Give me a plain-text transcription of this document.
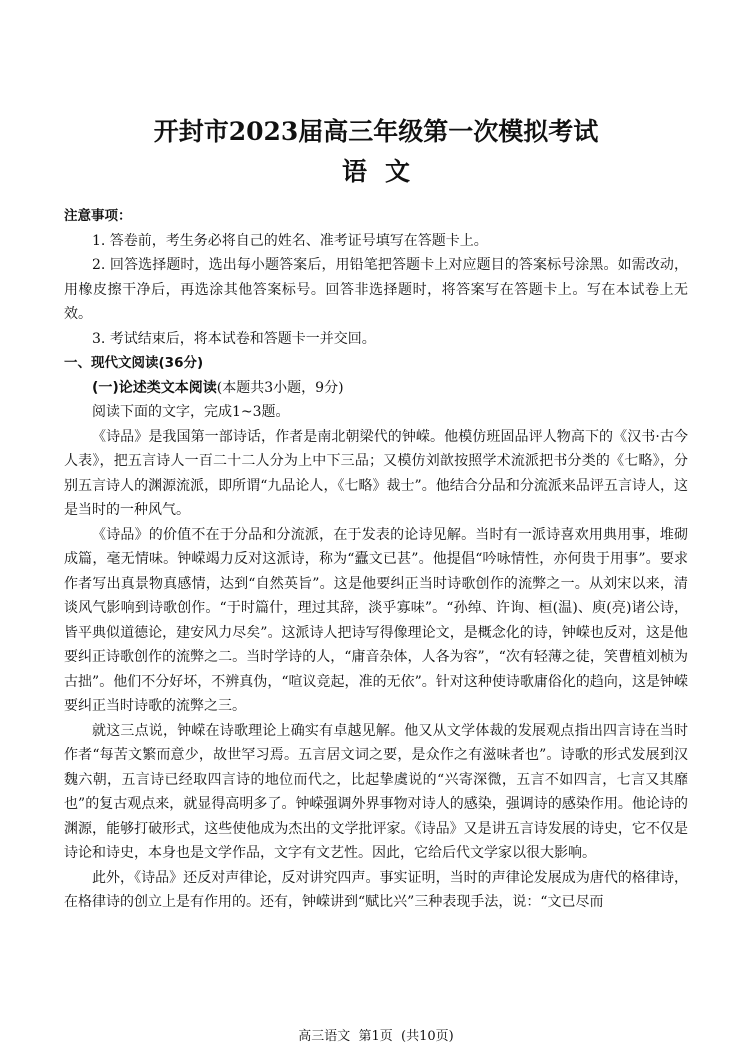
开封市2023届高三年级第一次模拟考试
语文

注意事项：

1. 答卷前，考生务必将自己的姓名、准考证号填写在答题卡上。

2. 回答选择题时，选出每小题答案后，用铅笔把答题卡上对应题目的答案标号涂黑。如需改动，用橡皮擦干净后，再选涂其他答案标号。回答非选择题时，将答案写在答题卡上。写在本试卷上无效。

3. 考试结束后，将本试卷和答题卡一并交回。

一、现代文阅读(36分)

(一)论述类文本阅读(本题共3小题，9分)

阅读下面的文字，完成1~3题。

《诗品》是我国第一部诗话，作者是南北朝梁代的钟嵘。他模仿班固品评人物高下的《汉书·古今人表》，把五言诗人一百二十二人分为上中下三品；又模仿刘歆按照学术流派把书分类的《七略》，分别五言诗人的渊源流派，即所谓“九品论人，《七略》裁士”。他结合分品和分流派来品评五言诗人，这是当时的一种风气。

《诗品》的价值不在于分品和分流派，在于发表的论诗见解。当时有一派诗喜欢用典用事，堆砌成篇，毫无情味。钟嵘竭力反对这派诗，称为“蠹文已甚”。他提倡“吟咏情性，亦何贵于用事”。要求作者写出真景物真感情，达到“自然英旨”。这是他要纠正当时诗歌创作的流弊之一。从刘宋以来，清谈风气影响到诗歌创作。“于时篇什，理过其辞，淡乎寡味”。“孙绰、许询、桓(温)、庾(亮)诸公诗，皆平典似道德论，建安风力尽矣”。这派诗人把诗写得像理论文，是概念化的诗，钟嵘也反对，这是他要纠正诗歌创作的流弊之二。当时学诗的人，“庸音杂体，人各为容”，“次有轻薄之徒，笑曹植刘桢为古拙”。他们不分好坏，不辨真伪，“喧议竞起，准的无依”。针对这种使诗歌庸俗化的趋向，这是钟嵘要纠正当时诗歌的流弊之三。

就这三点说，钟嵘在诗歌理论上确实有卓越见解。他又从文学体裁的发展观点指出四言诗在当时作者“每苦文繁而意少，故世罕习焉。五言居文词之要，是众作之有滋味者也”。诗歌的形式发展到汉魏六朝，五言诗已经取四言诗的地位而代之，比起挚虞说的“兴寄深微，五言不如四言，七言又其靡也”的复古观点来，就显得高明多了。钟嵘强调外界事物对诗人的感染，强调诗的感染作用。他论诗的渊源，能够打破形式，这些使他成为杰出的文学批评家。《诗品》又是讲五言诗发展的诗史，它不仅是诗论和诗史，本身也是文学作品，文字有文艺性。因此，它给后代文学家以很大影响。

此外，《诗品》还反对声律论，反对讲究四声。事实证明，当时的声律论发展成为唐代的格律诗，在格律诗的创立上是有作用的。还有，钟嵘讲到“赋比兴”三种表现手法，说：“文已尽而

高三语文  第1页  (共10页)
